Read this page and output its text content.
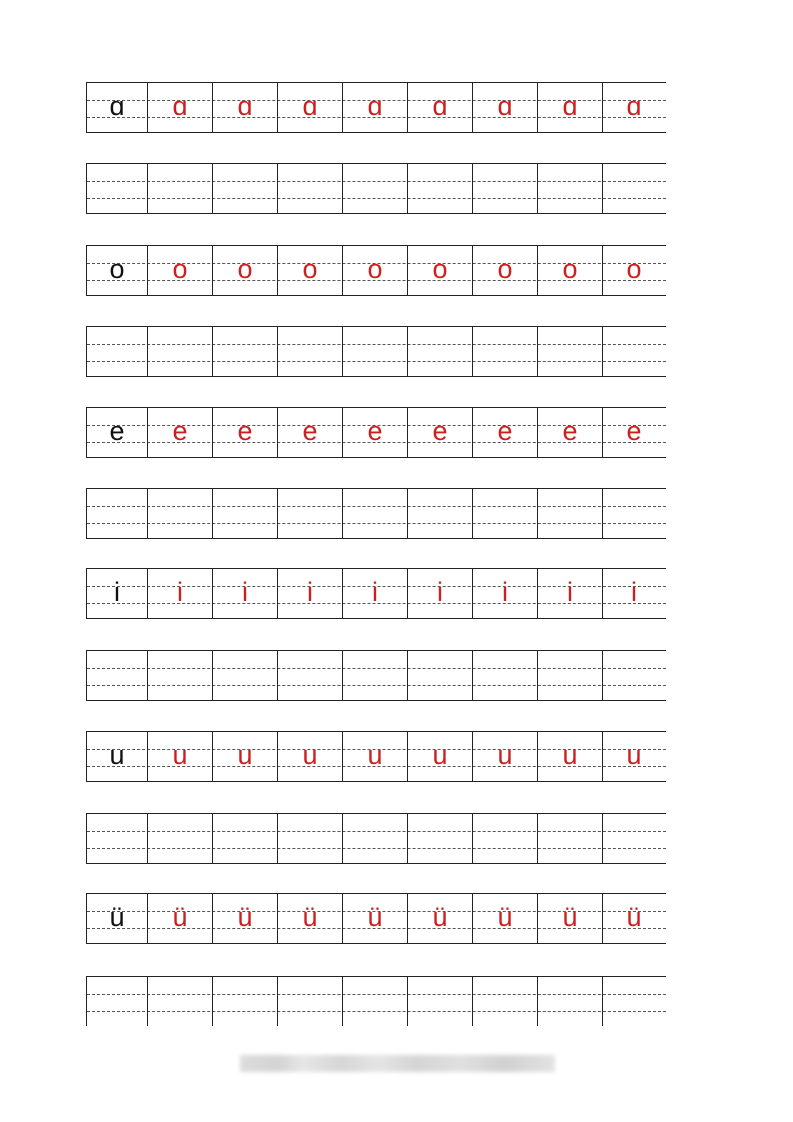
ɑ ɑ ɑ ɑ ɑ ɑ ɑ ɑ ɑ
o o o o o o o o o
e e e e e e e e e
i i i i i i i i i
u u u u u u u u u
ü ü ü ü ü ü ü ü ü
